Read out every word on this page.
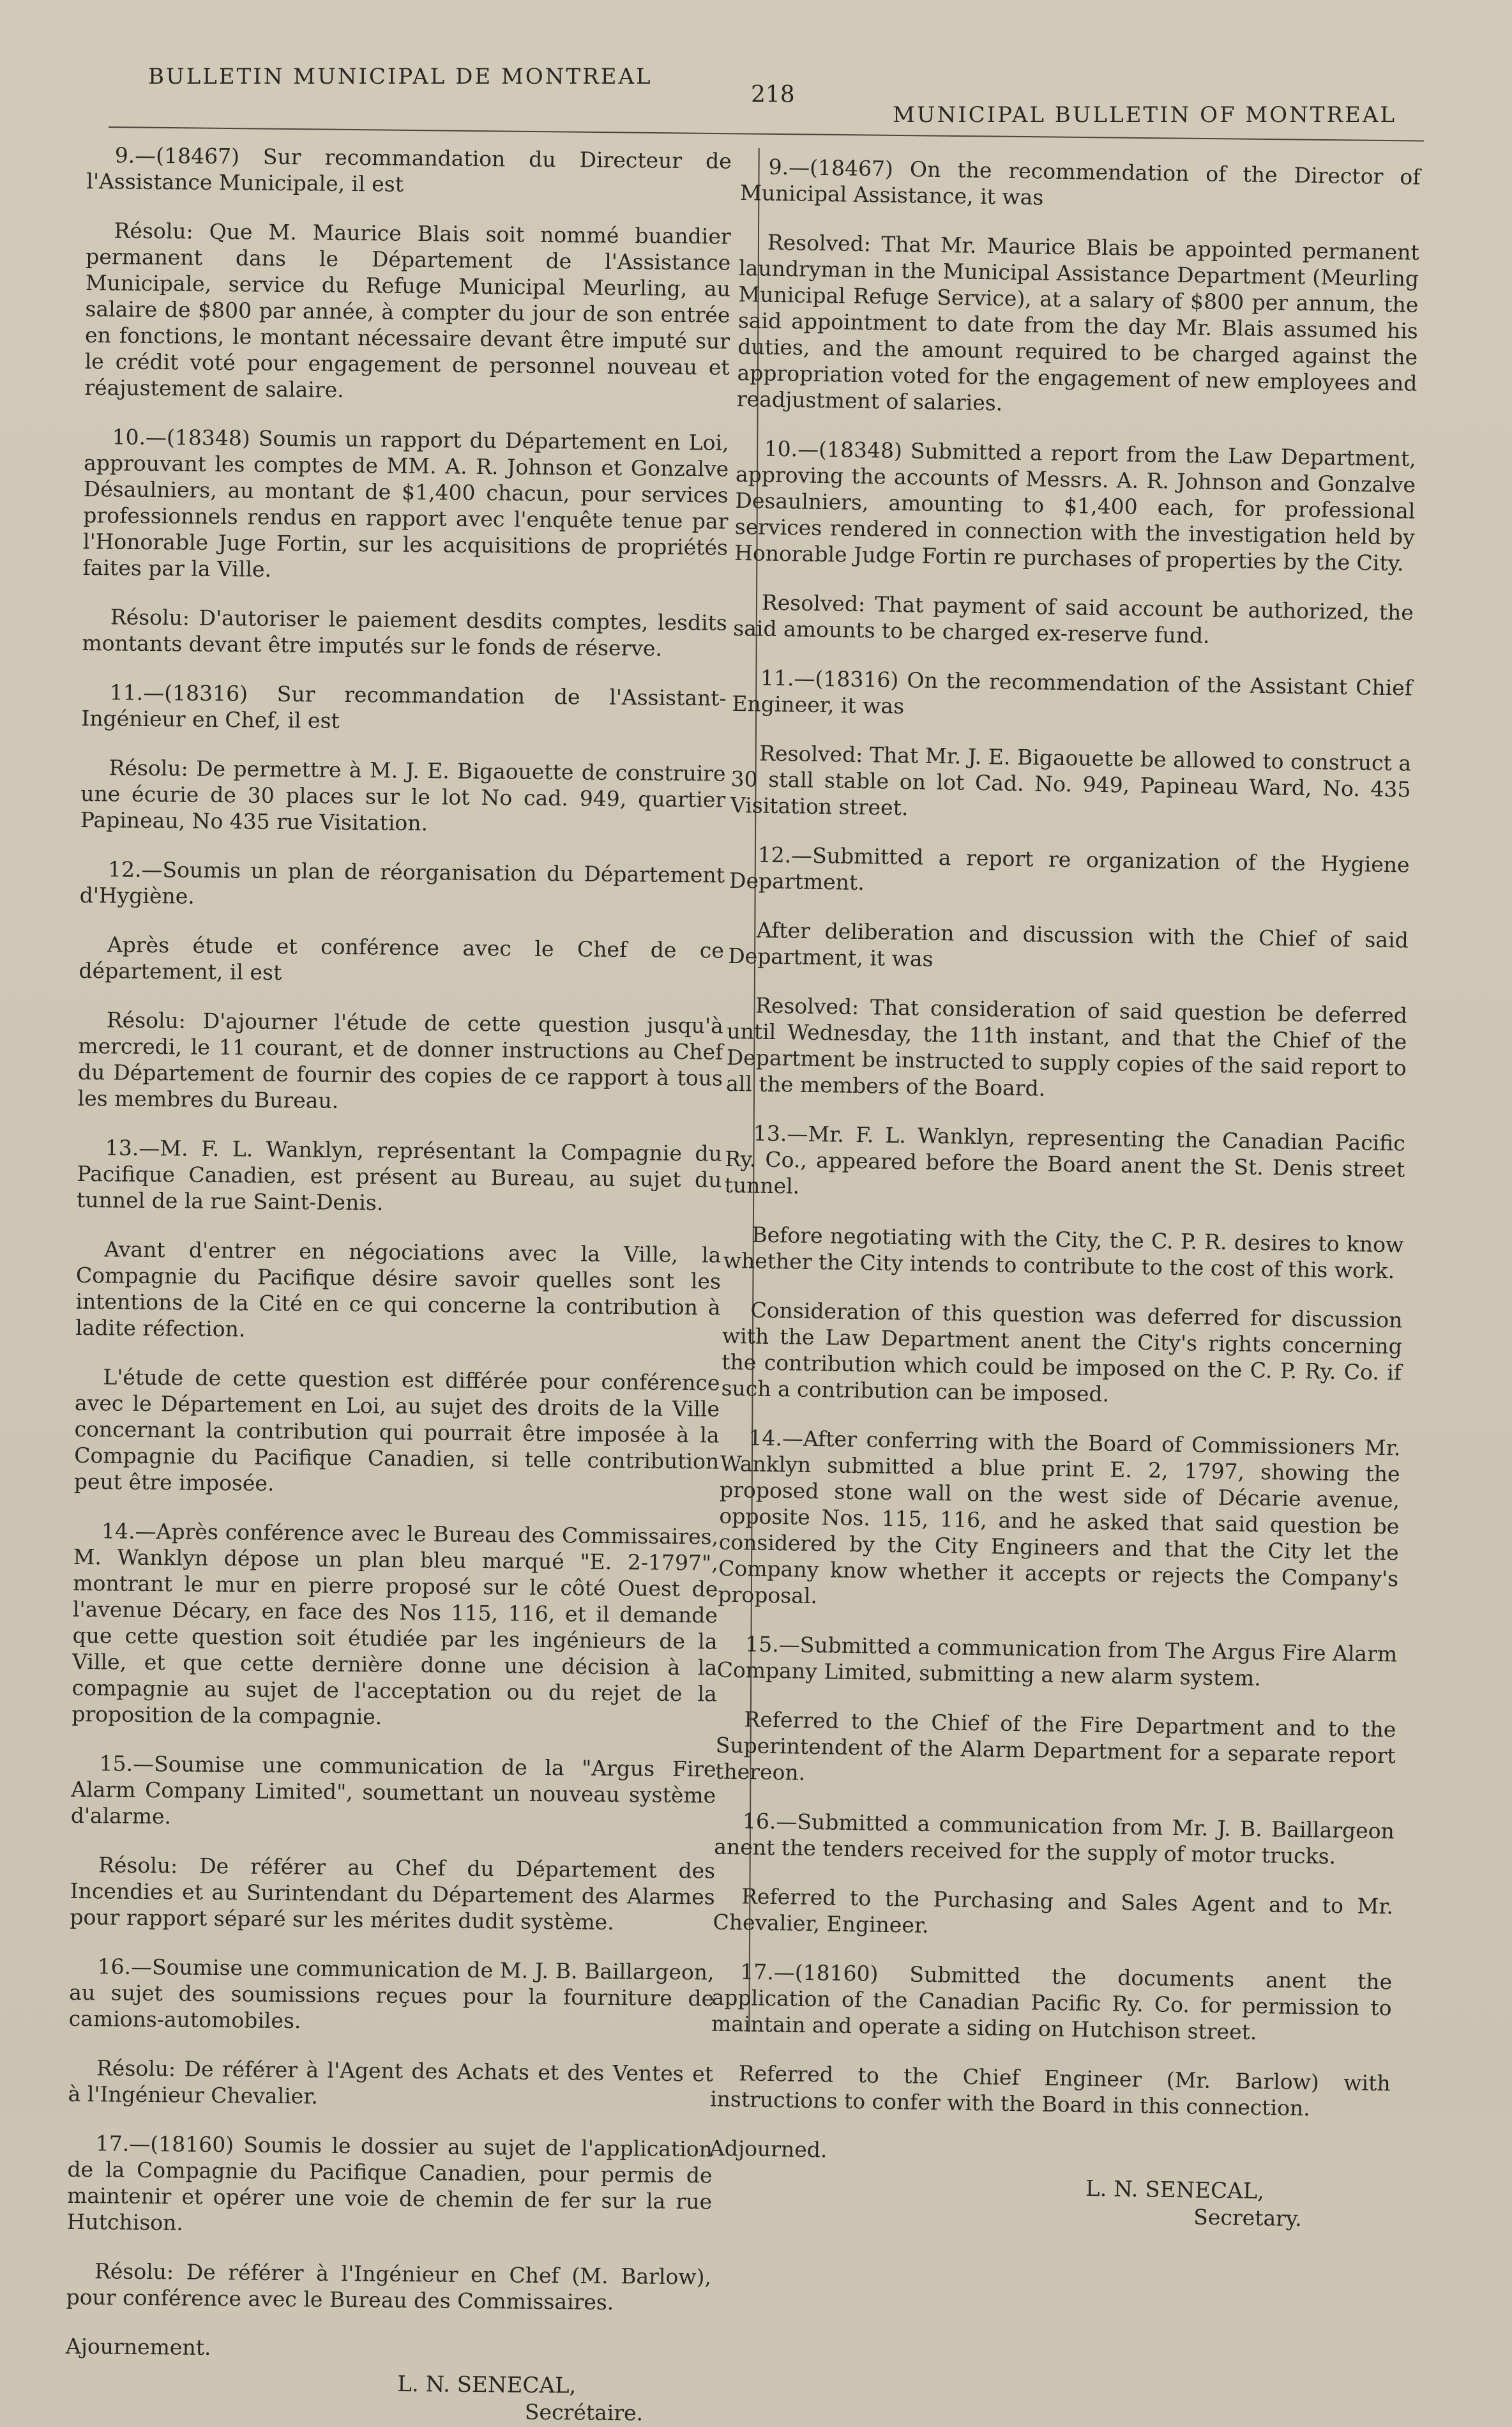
BULLETIN MUNICIPAL DE MONTREAL
218
MUNICIPAL BULLETIN OF MONTREAL

9.—(18467) Sur recommandation du Directeur de l'Assistance Municipale, il est

Résolu: Que M. Maurice Blais soit nommé buandier permanent dans le Département de l'Assistance Municipale, service du Refuge Municipal Meurling, au salaire de $800 par année, à compter du jour de son entrée en fonctions, le montant nécessaire devant être imputé sur le crédit voté pour engagement de personnel nouveau et réajustement de salaire.

10.—(18348) Soumis un rapport du Département en Loi, approuvant les comptes de MM. A. R. Johnson et Gonzalve Désaulniers, au montant de $1,400 chacun, pour services professionnels rendus en rapport avec l'enquête tenue par l'Honorable Juge Fortin, sur les acquisitions de propriétés faites par la Ville.

Résolu: D'autoriser le paiement desdits comptes, lesdits montants devant être imputés sur le fonds de réserve.

11.—(18316) Sur recommandation de l'Assistant-Ingénieur en Chef, il est

Résolu: De permettre à M. J. E. Bigaouette de construire une écurie de 30 places sur le lot No cad. 949, quartier Papineau, No 435 rue Visitation.

12.—Soumis un plan de réorganisation du Département d'Hygiène.

Après étude et conférence avec le Chef de ce département, il est

Résolu: D'ajourner l'étude de cette question jusqu'à mercredi, le 11 courant, et de donner instructions au Chef du Département de fournir des copies de ce rapport à tous les membres du Bureau.

13.—M. F. L. Wanklyn, représentant la Compagnie du Pacifique Canadien, est présent au Bureau, au sujet du tunnel de la rue Saint-Denis.

Avant d'entrer en négociations avec la Ville, la Compagnie du Pacifique désire savoir quelles sont les intentions de la Cité en ce qui concerne la contribution à ladite réfection.

L'étude de cette question est différée pour conférence avec le Département en Loi, au sujet des droits de la Ville concernant la contribution qui pourrait être imposée à la Compagnie du Pacifique Canadien, si telle contribution peut être imposée.

14.—Après conférence avec le Bureau des Commissaires, M. Wanklyn dépose un plan bleu marqué "E. 2-1797", montrant le mur en pierre proposé sur le côté Ouest de l'avenue Décary, en face des Nos 115, 116, et il demande que cette question soit étudiée par les ingénieurs de la Ville, et que cette dernière donne une décision à la compagnie au sujet de l'acceptation ou du rejet de la proposition de la compagnie.

15.—Soumise une communication de la "Argus Fire Alarm Company Limited", soumettant un nouveau système d'alarme.

Résolu: De référer au Chef du Département des Incendies et au Surintendant du Département des Alarmes pour rapport séparé sur les mérites dudit système.

16.—Soumise une communication de M. J. B. Baillargeon, au sujet des soumissions reçues pour la fourniture de camions-automobiles.

Résolu: De référer à l'Agent des Achats et des Ventes et à l'Ingénieur Chevalier.

17.—(18160) Soumis le dossier au sujet de l'application de la Compagnie du Pacifique Canadien, pour permis de maintenir et opérer une voie de chemin de fer sur la rue Hutchison.

Résolu: De référer à l'Ingénieur en Chef (M. Barlow), pour conférence avec le Bureau des Commissaires.

Ajournement.

L. N. SENECAL,

Secrétaire.

9.—(18467) On the recommendation of the Director of Municipal Assistance, it was

Resolved: That Mr. Maurice Blais be appointed permanent laundryman in the Municipal Assistance Department (Meurling Municipal Refuge Service), at a salary of $800 per annum, the said appointment to date from the day Mr. Blais assumed his duties, and the amount required to be charged against the appropriation voted for the engagement of new employees and readjustment of salaries.

10.—(18348) Submitted a report from the Law Department, approving the accounts of Messrs. A. R. Johnson and Gonzalve Desaulniers, amounting to $1,400 each, for professional services rendered in connection with the investigation held by Honorable Judge Fortin re purchases of properties by the City.

Resolved: That payment of said account be authorized, the said amounts to be charged ex-reserve fund.

11.—(18316) On the recommendation of the Assistant Chief Engineer, it was

Resolved: That Mr. J. E. Bigaouette be allowed to construct a 30 stall stable on lot Cad. No. 949, Papineau Ward, No. 435 Visitation street.

12.—Submitted a report re organization of the Hygiene Department.

After deliberation and discussion with the Chief of said Department, it was

Resolved: That consideration of said question be deferred until Wednesday, the 11th instant, and that the Chief of the Department be instructed to supply copies of the said report to all the members of the Board.

13.—Mr. F. L. Wanklyn, representing the Canadian Pacific Ry. Co., appeared before the Board anent the St. Denis street tunnel.

Before negotiating with the City, the C. P. R. desires to know whether the City intends to contribute to the cost of this work.

Consideration of this question was deferred for discussion with the Law Department anent the City's rights concerning the contribution which could be imposed on the C. P. Ry. Co. if such a contribution can be imposed.

14.—After conferring with the Board of Commissioners Mr. Wanklyn submitted a blue print E. 2, 1797, showing the proposed stone wall on the west side of Décarie avenue, opposite Nos. 115, 116, and he asked that said question be considered by the City Engineers and that the City let the Company know whether it accepts or rejects the Company's proposal.

15.—Submitted a communication from The Argus Fire Alarm Company Limited, submitting a new alarm system.

Referred to the Chief of the Fire Department and to the Superintendent of the Alarm Department for a separate report thereon.

16.—Submitted a communication from Mr. J. B. Baillargeon anent the tenders received for the supply of motor trucks.

Referred to the Purchasing and Sales Agent and to Mr. Chevalier, Engineer.

17.—(18160) Submitted the documents anent the application of the Canadian Pacific Ry. Co. for permission to maintain and operate a siding on Hutchison street.

Referred to the Chief Engineer (Mr. Barlow) with instructions to confer with the Board in this connection.

Adjourned.

L. N. SENECAL,

Secretary.
